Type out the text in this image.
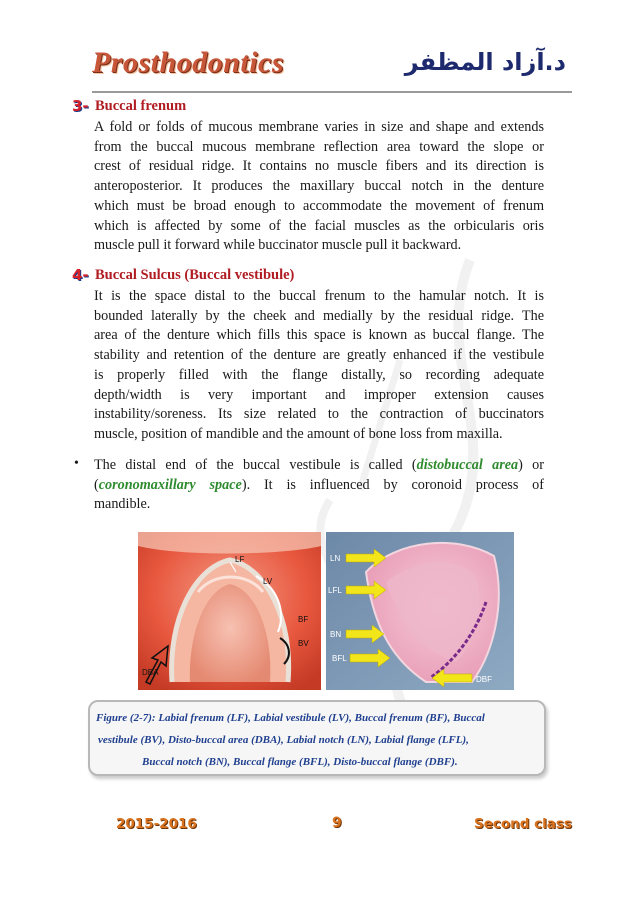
Prosthodontics	د.آزاد المظفر
3- Buccal frenum
A fold or folds of mucous membrane varies in size and shape and extends
from the buccal mucous membrane reflection area toward the slope or
crest of residual ridge. It contains no muscle fibers and its direction is
anteroposterior. It produces the maxillary buccal notch in the denture
which must be broad enough to accommodate the movement of frenum
which is affected by some of the facial muscles as the orbicularis oris
muscle pull it forward while buccinator muscle pull it backward.
4- Buccal Sulcus (Buccal vestibule)
It is the space distal to the buccal frenum to the hamular notch. It is
bounded laterally by the cheek and medially by the residual ridge. The
area of the denture which fills this space is known as buccal flange. The
stability and retention of the denture are greatly enhanced if the vestibule
is properly filled with the flange distally, so recording adequate
depth/width is very important and improper extension causes
instability/soreness. Its size related to the contraction of buccinators
muscle, position of mandible and the amount of bone loss from maxilla.
• The distal end of the buccal vestibule is called (distobuccal area) or
(coronomaxillary space). It is influenced by coronoid process of
mandible.
LF
LV
BF
BV
DBA
LN
LFL
BN
BFL
DBF
Figure (2-7): Labial frenum (LF), Labial vestibule (LV), Buccal frenum (BF), Buccal
vestibule (BV), Disto-buccal area (DBA), Labial notch (LN), Labial flange (LFL),
Buccal notch (BN), Buccal flange (BFL), Disto-buccal flange (DBF).
2015-2016	9	Second class
